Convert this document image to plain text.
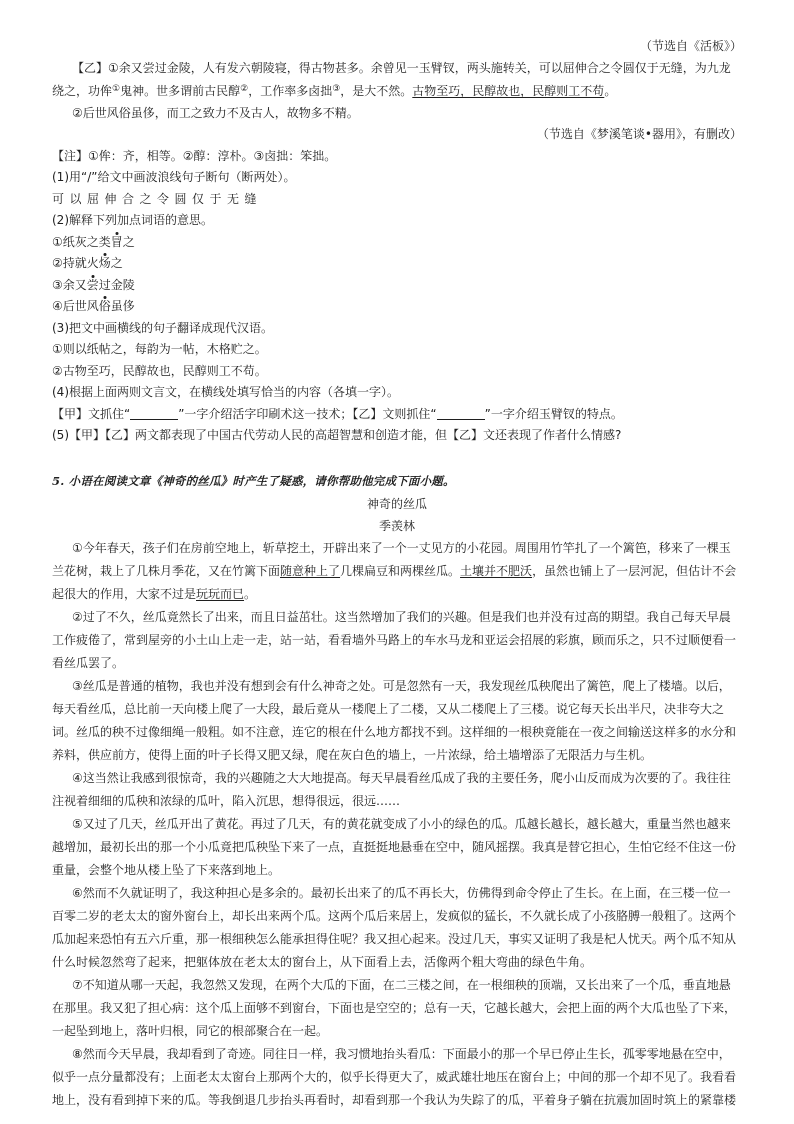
（节选自《活板》）

【乙】①余又尝过金陵，人有发六朝陵寝，得古物甚多。余曾见一玉臂钗，两头施转关，可以屈伸合之令圆仅于无缝，为九龙绕之，功侔①鬼神。世多谓前古民醇②，工作率多卤拙③，是大不然。古物至巧，民醇故也，民醇则工不苟。

②后世风俗虽侈，而工之致力不及古人，故物多不精。

（节选自《梦溪笔谈•器用》，有删改）

【注】①侔：齐，相等。②醇：淳朴。③卤拙：笨拙。

(1)用“/”给文中画波浪线句子断句（断两处）。

可以屈伸合之令圆仅于无缝

(2)解释下列加点词语的意思。

①纸灰之类冒之

②持就火炀之

③余又尝过金陵

④后世风俗虽侈

(3)把文中画横线的句子翻译成现代汉语。

①则以纸帖之，每韵为一帖，木格贮之。

②古物至巧，民醇故也，民醇则工不苟。

(4)根据上面两则文言文，在横线处填写恰当的内容（各填一字）。

【甲】文抓住“	”一字介绍活字印刷术这一技术；【乙】文则抓住“	”一字介绍玉臂钗的特点。

(5)【甲】【乙】两文都表现了中国古代劳动人民的高超智慧和创造才能，但【乙】文还表现了作者什么情感?

5. 小语在阅读文章《神奇的丝瓜》时产生了疑惑，请你帮助他完成下面小题。

神奇的丝瓜

季羡林

①今年春天，孩子们在房前空地上，斩草挖土，开辟出来了一个一丈见方的小花园。周围用竹竿扎了一个篱笆，移来了一棵玉兰花树，栽上了几株月季花，又在竹篱下面随意种上了几棵扁豆和两棵丝瓜。土壤并不肥沃，虽然也铺上了一层河泥，但估计不会起很大的作用，大家不过是玩玩而已。

②过了不久，丝瓜竟然长了出来，而且日益茁壮。这当然增加了我们的兴趣。但是我们也并没有过高的期望。我自己每天早晨工作疲倦了，常到屋旁的小土山上走一走，站一站，看看墙外马路上的车水马龙和亚运会招展的彩旗，顾而乐之，只不过顺便看一看丝瓜罢了。

③丝瓜是普通的植物，我也并没有想到会有什么神奇之处。可是忽然有一天，我发现丝瓜秧爬出了篱笆，爬上了楼墙。以后，每天看丝瓜，总比前一天向楼上爬了一大段，最后竟从一楼爬上了二楼，又从二楼爬上了三楼。说它每天长出半尺，决非夸大之词。丝瓜的秧不过像细绳一般粗。如不注意，连它的根在什么地方都找不到。这样细的一根秧竟能在一夜之间输送这样多的水分和养料，供应前方，使得上面的叶子长得又肥又绿，爬在灰白色的墙上，一片浓绿，给土墙增添了无限活力与生机。

④这当然让我感到很惊奇，我的兴趣随之大大地提高。每天早晨看丝瓜成了我的主要任务，爬小山反而成为次要的了。我往往注视着细细的瓜秧和浓绿的瓜叶，陷入沉思，想得很远，很远……

⑤又过了几天，丝瓜开出了黄花。再过了几天，有的黄花就变成了小小的绿色的瓜。瓜越长越长，越长越大，重量当然也越来越增加，最初长出的那一个小瓜竟把瓜秧坠下来了一点，直挺挺地悬垂在空中，随风摇摆。我真是替它担心，生怕它经不住这一份重量，会整个地从楼上坠了下来落到地上。

⑥然而不久就证明了，我这种担心是多余的。最初长出来了的瓜不再长大，仿佛得到命令停止了生长。在上面，在三楼一位一百零二岁的老太太的窗外窗台上，却长出来两个瓜。这两个瓜后来居上，发疯似的猛长，不久就长成了小孩胳膊一般粗了。这两个瓜加起来恐怕有五六斤重，那一根细秧怎么能承担得住呢？我又担心起来。没过几天，事实又证明了我是杞人忧天。两个瓜不知从什么时候忽然弯了起来，把躯体放在老太太的窗台上，从下面看上去，活像两个粗大弯曲的绿色牛角。

⑦不知道从哪一天起，我忽然又发现，在两个大瓜的下面，在二三楼之间，在一根细秧的顶端，又长出来了一个瓜，垂直地悬在那里。我又犯了担心病：这个瓜上面够不到窗台，下面也是空空的；总有一天，它越长越大，会把上面的两个大瓜也坠了下来，一起坠到地上，落叶归根，同它的根部聚合在一起。

⑧然而今天早晨，我却看到了奇迹。同往日一样，我习惯地抬头看瓜：下面最小的那一个早已停止生长，孤零零地悬在空中，似乎一点分量都没有；上面老太太窗台上那两个大的，似乎长得更大了，威武雄壮地压在窗台上；中间的那一个却不见了。我看看地上，没有看到掉下来的瓜。等我倒退几步抬头再看时，却看到那一个我认为失踪了的瓜，平着身子躺在抗震加固时筑上的紧靠楼
